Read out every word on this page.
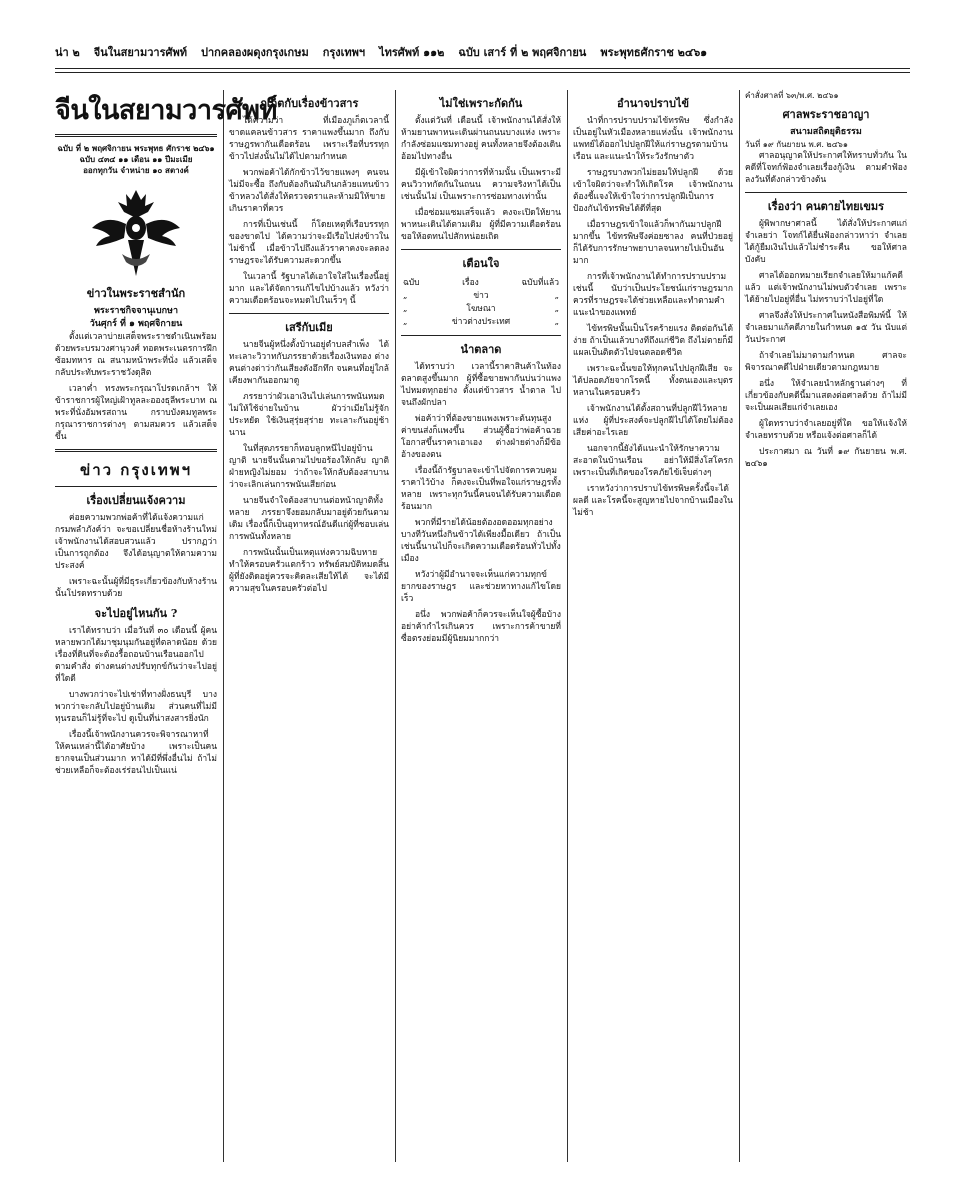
น่า ๒ จีนในสยามวารศัพท์ ปากคลองผดุงกรุงเกษม กรุงเทพฯ ไทรศัพท์ ๑๑๒ ฉบับ เสาร์ ที่ ๒ พฤศจิกายน พระพุทธศักราช ๒๔๖๑
จีนในสยามวารศัพท์
ฉบับ ที่ ๒ พฤศจิกายน พระพุทธ ศักราช ๒๔๖๑
ฉบับ ๔๓๔ ๑๑ เดือน ๑๑ ปีมะเมีย
ออกทุกวัน จำหน่าย ๑๐ สตางค์
ข่าวในพระราชสำนัก
พระราชกิจจานุเบกษา
วันศุกร์ ที่ ๑ พฤศจิกายน

ตั้งแต่เวลาบ่ายเสด็จพระราชดำเนินพร้อมด้วยพระบรมวงศานุวงศ์ ทอดพระเนตรการฝึกซ้อมทหาร ณ สนามหน้าพระที่นั่ง แล้วเสด็จกลับประทับพระราชวังดุสิต

เวลาค่ำ ทรงพระกรุณาโปรดเกล้าฯ ให้ข้าราชการผู้ใหญ่เฝ้าทูลละอองธุลีพระบาท ณ พระที่นั่งอัมพรสถาน กราบบังคมทูลพระกรุณาราชการต่างๆ ตามสมควร แล้วเสด็จขึ้น

ข่าว กรุงเทพฯ
เรื่องเปลี่ยนแจ้งความ

ค่อยความพวกพ่อค้าที่ได้แจ้งความแก่กรมพลำภังค์ว่า จะขอเปลี่ยนชื่อห้างร้านใหม่ เจ้าพนักงานได้สอบสวนแล้ว ปรากฏว่าเป็นการถูกต้อง จึงได้อนุญาตให้ตามความประสงค์

เพราะฉะนั้นผู้ที่มีธุระเกี่ยวข้องกับห้างร้านนั้นโปรดทราบด้วย

จะไปอยู่ไหนกัน ?

เราได้ทราบว่า เมื่อวันที่ ๓๐ เดือนนี้ ผู้คนหลายพวกได้มาชุมนุมกันอยู่ที่ตลาดน้อย ด้วยเรื่องที่ดินที่จะต้องรื้อถอนบ้านเรือนออกไปตามคำสั่ง ต่างคนต่างปรับทุกข์กันว่าจะไปอยู่ที่ใดดี

บางพวกว่าจะไปเช่าที่ทางฝั่งธนบุรี บางพวกว่าจะกลับไปอยู่บ้านเดิม ส่วนคนที่ไม่มีทุนรอนก็ไม่รู้ที่จะไป ดูเป็นที่น่าสงสารยิ่งนัก

เรื่องนี้เจ้าพนักงานควรจะพิจารณาหาที่ให้คนเหล่านี้ได้อาศัยบ้าง เพราะเป็นคนยากจนเป็นส่วนมาก หาได้มีที่พึ่งอื่นไม่ ถ้าไม่ช่วยเหลือก็จะต้องเร่ร่อนไปเป็นแน่

ภูเก็ตกับเรื่องข้าวสาร

ได้ความว่า ที่เมืองภูเก็ตเวลานี้ ขาดแคลนข้าวสาร ราคาแพงขึ้นมาก ถึงกับราษฎรพากันเดือดร้อน เพราะเรือที่บรรทุกข้าวไปส่งนั้นไม่ได้ไปตามกำหนด

พวกพ่อค้าได้กักข้าวไว้ขายแพงๆ คนจนไม่มีจะซื้อ ถึงกับต้องกินมันกินกล้วยแทนข้าว ข้าหลวงได้สั่งให้ตรวจตราและห้ามมิให้ขายเกินราคาที่ควร

การที่เป็นเช่นนี้ ก็โดยเหตุที่เรือบรรทุกของขาดไป ได้ความว่าจะมีเรือไปส่งข้าวในไม่ช้านี้ เมื่อข้าวไปถึงแล้วราคาคงจะลดลง ราษฎรจะได้รับความสะดวกขึ้น

ในเวลานี้ รัฐบาลได้เอาใจใส่ในเรื่องนี้อยู่มาก และได้จัดการแก้ไขไปบ้างแล้ว หวังว่าความเดือดร้อนจะหมดไปในเร็วๆ นี้

เสรีกับเมีย

นายจีนผู้หนึ่งตั้งบ้านอยู่ตำบลสำเพ็ง ได้ทะเลาะวิวาทกับภรรยาด้วยเรื่องเงินทอง ต่างคนต่างด่าว่ากันเสียงดังอึกทึก จนคนที่อยู่ใกล้เคียงพากันออกมาดู

ภรรยาว่าผัวเอาเงินไปเล่นการพนันหมด ไม่ให้ใช้จ่ายในบ้าน ผัวว่าเมียไม่รู้จักประหยัด ใช้เงินสุรุ่ยสุร่าย ทะเลาะกันอยู่ช้านาน

ในที่สุดภรรยาก็หอบลูกหนีไปอยู่บ้านญาติ นายจีนนั้นตามไปขอร้องให้กลับ ญาติฝ่ายหญิงไม่ยอม ว่าถ้าจะให้กลับต้องสาบานว่าจะเลิกเล่นการพนันเสียก่อน

นายจีนจำใจต้องสาบานต่อหน้าญาติทั้งหลาย ภรรยาจึงยอมกลับมาอยู่ด้วยกันตามเดิม เรื่องนี้ก็เป็นอุทาหรณ์อันดีแก่ผู้ที่ชอบเล่นการพนันทั้งหลาย

การพนันนั้นเป็นเหตุแห่งความฉิบหาย ทำให้ครอบครัวแตกร้าว ทรัพย์สมบัติหมดสิ้น ผู้ที่ยังติดอยู่ควรจะคิดละเสียให้ได้ จะได้มีความสุขในครอบครัวต่อไป

ไม่ใช่เพราะกัดกัน

ตั้งแต่วันที่ เดือนนี้ เจ้าพนักงานได้สั่งให้ห้ามยานพาหนะเดินผ่านถนนบางแห่ง เพราะกำลังซ่อมแซมทางอยู่ คนทั้งหลายจึงต้องเดินอ้อมไปทางอื่น

มีผู้เข้าใจผิดว่าการที่ห้ามนั้น เป็นเพราะมีคนวิวาทกัดกันในถนน ความจริงหาได้เป็นเช่นนั้นไม่ เป็นเพราะการซ่อมทางเท่านั้น

เมื่อซ่อมแซมเสร็จแล้ว คงจะเปิดให้ยานพาหนะเดินได้ตามเดิม ผู้ที่มีความเดือดร้อนขอให้อดทนไปสักหน่อยเถิด

เตือนใจ
ฉบับ	เรื่อง	ฉบับที่แล้ว
„	ข่าว	„
„	โฆษณา	„
„	ข่าวต่างประเทศ	„
นำตลาด

ได้ทราบว่า เวลานี้ราคาสินค้าในท้องตลาดสูงขึ้นมาก ผู้ที่ซื้อขายพากันบ่นว่าแพงไปหมดทุกอย่าง ตั้งแต่ข้าวสาร น้ำตาล ไปจนถึงผักปลา

พ่อค้าว่าที่ต้องขายแพงเพราะต้นทุนสูง ค่าขนส่งก็แพงขึ้น ส่วนผู้ซื้อว่าพ่อค้าฉวยโอกาสขึ้นราคาเอาเอง ต่างฝ่ายต่างก็มีข้ออ้างของตน

เรื่องนี้ถ้ารัฐบาลจะเข้าไปจัดการควบคุมราคาไว้บ้าง ก็คงจะเป็นที่พอใจแก่ราษฎรทั้งหลาย เพราะทุกวันนี้คนจนได้รับความเดือดร้อนมาก

พวกที่มีรายได้น้อยต้องอดออมทุกอย่าง บางทีวันหนึ่งกินข้าวได้เพียงมื้อเดียว ถ้าเป็นเช่นนี้นานไปก็จะเกิดความเดือดร้อนทั่วไปทั้งเมือง

หวังว่าผู้มีอำนาจจะเห็นแก่ความทุกข์ยากของราษฎร และช่วยหาทางแก้ไขโดยเร็ว

อนึ่ง พวกพ่อค้าก็ควรจะเห็นใจผู้ซื้อบ้าง อย่าค้ากำไรเกินควร เพราะการค้าขายที่ซื่อตรงย่อมมีผู้นิยมมากกว่า

อำนาจปราบไข้

นำที่การปราบปรามไข้ทรพิษ ซึ่งกำลังเป็นอยู่ในหัวเมืองหลายแห่งนั้น เจ้าพนักงานแพทย์ได้ออกไปปลูกฝีให้แก่ราษฎรตามบ้านเรือน และแนะนำให้ระวังรักษาตัว

ราษฎรบางพวกไม่ยอมให้ปลูกฝี ด้วยเข้าใจผิดว่าจะทำให้เกิดโรค เจ้าพนักงานต้องชี้แจงให้เข้าใจว่าการปลูกฝีเป็นการป้องกันไข้ทรพิษได้ดีที่สุด

เมื่อราษฎรเข้าใจแล้วก็พากันมาปลูกฝีมากขึ้น ไข้ทรพิษจึงค่อยซาลง คนที่ป่วยอยู่ก็ได้รับการรักษาพยาบาลจนหายไปเป็นอันมาก

การที่เจ้าพนักงานได้ทำการปราบปรามเช่นนี้ นับว่าเป็นประโยชน์แก่ราษฎรมาก ควรที่ราษฎรจะได้ช่วยเหลือและทำตามคำแนะนำของแพทย์

ไข้ทรพิษนั้นเป็นโรคร้ายแรง ติดต่อกันได้ง่าย ถ้าเป็นแล้วบางทีถึงแก่ชีวิต ถึงไม่ตายก็มีแผลเป็นติดตัวไปจนตลอดชีวิต

เพราะฉะนั้นขอให้ทุกคนไปปลูกฝีเสีย จะได้ปลอดภัยจากโรคนี้ ทั้งตนเองและบุตรหลานในครอบครัว

เจ้าพนักงานได้ตั้งสถานที่ปลูกฝีไว้หลายแห่ง ผู้ที่ประสงค์จะปลูกฝีไปได้โดยไม่ต้องเสียค่าอะไรเลย

นอกจากนี้ยังได้แนะนำให้รักษาความสะอาดในบ้านเรือน อย่าให้มีสิ่งโสโครก เพราะเป็นที่เกิดของโรคภัยไข้เจ็บต่างๆ

เราหวังว่าการปราบไข้ทรพิษครั้งนี้จะได้ผลดี และโรคนี้จะสูญหายไปจากบ้านเมืองในไม่ช้า

คำสั่งศาลที่ ๖๓/พ.ศ. ๒๔๖๑
ศาลพระราชอาญา
สนามสถิตยุติธรรม
วันที่ ๑๙ กันยายน พ.ศ. ๒๔๖๑

ศาลอนุญาตให้ประกาศให้ทราบทั่วกัน ในคดีที่โจทก์ฟ้องจำเลยเรื่องกู้เงิน ตามคำฟ้องลงวันที่ดังกล่าวข้างต้น

เรื่องว่า คนตายไทยเขมร

ผู้พิพากษาศาลนี้ ได้สั่งให้ประกาศแก่จำเลยว่า โจทก์ได้ยื่นฟ้องกล่าวหาว่า จำเลยได้กู้ยืมเงินไปแล้วไม่ชำระคืน ขอให้ศาลบังคับ

ศาลได้ออกหมายเรียกจำเลยให้มาแก้คดีแล้ว แต่เจ้าพนักงานไม่พบตัวจำเลย เพราะได้ย้ายไปอยู่ที่อื่น ไม่ทราบว่าไปอยู่ที่ใด

ศาลจึงสั่งให้ประกาศในหนังสือพิมพ์นี้ ให้จำเลยมาแก้คดีภายในกำหนด ๑๕ วัน นับแต่วันประกาศ

ถ้าจำเลยไม่มาตามกำหนด ศาลจะพิจารณาคดีไปฝ่ายเดียวตามกฎหมาย

อนึ่ง ให้จำเลยนำหลักฐานต่างๆ ที่เกี่ยวข้องกับคดีนี้มาแสดงต่อศาลด้วย ถ้าไม่มีจะเป็นผลเสียแก่จำเลยเอง

ผู้ใดทราบว่าจำเลยอยู่ที่ใด ขอให้แจ้งให้จำเลยทราบด้วย หรือแจ้งต่อศาลก็ได้

ประกาศมา ณ วันที่ ๑๙ กันยายน พ.ศ. ๒๔๖๑
